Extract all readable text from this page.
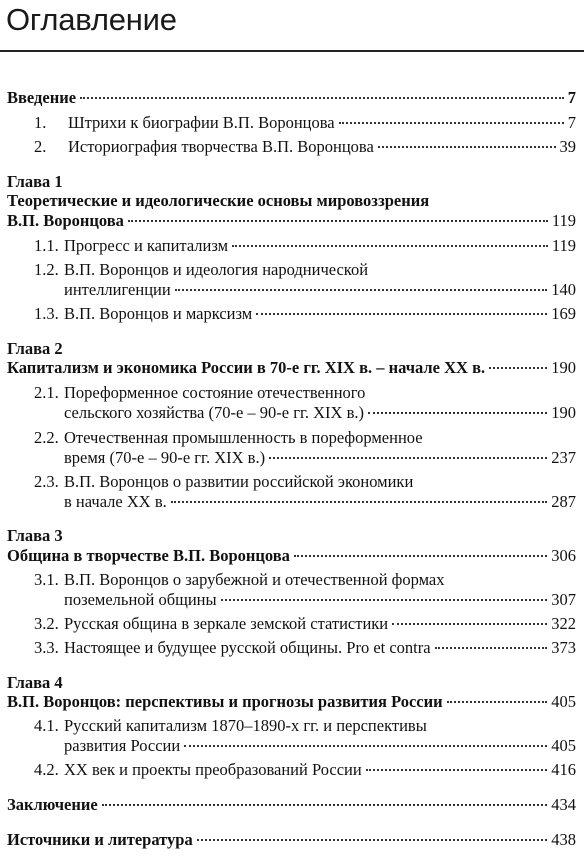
Оглавление
Введение	7
1.	Штрихи к биографии В.П. Воронцова	7
2.	Историография творчества В.П. Воронцова	39
Глава 1
Теоретические и идеологические основы мировоззрения
В.П. Воронцова	119
1.1. Прогресс и капитализм	119
1.2. В.П. Воронцов и идеология народнической
интеллигенции	140
1.3. В.П. Воронцов и марксизм	169
Глава 2
Капитализм и экономика России в 70-е гг. XIX в. – начале XX в.	190
2.1. Пореформенное состояние отечественного
сельского хозяйства (70-е – 90-е гг. XIX в.)	190
2.2. Отечественная промышленность в пореформенное
время (70-е – 90-е гг. XIX в.)	237
2.3. В.П. Воронцов о развитии российской экономики
в начале XX в.	287
Глава 3
Община в творчестве В.П. Воронцова	306
3.1. В.П. Воронцов о зарубежной и отечественной формах
поземельной общины	307
3.2. Русская община в зеркале земской статистики	322
3.3. Настоящее и будущее русской общины. Pro et contra	373
Глава 4
В.П. Воронцов: перспективы и прогнозы развития России	405
4.1. Русский капитализм 1870–1890-х гг. и перспективы
развития России	405
4.2. XX век и проекты преобразований России	416
Заключение	434
Источники и литература	438
